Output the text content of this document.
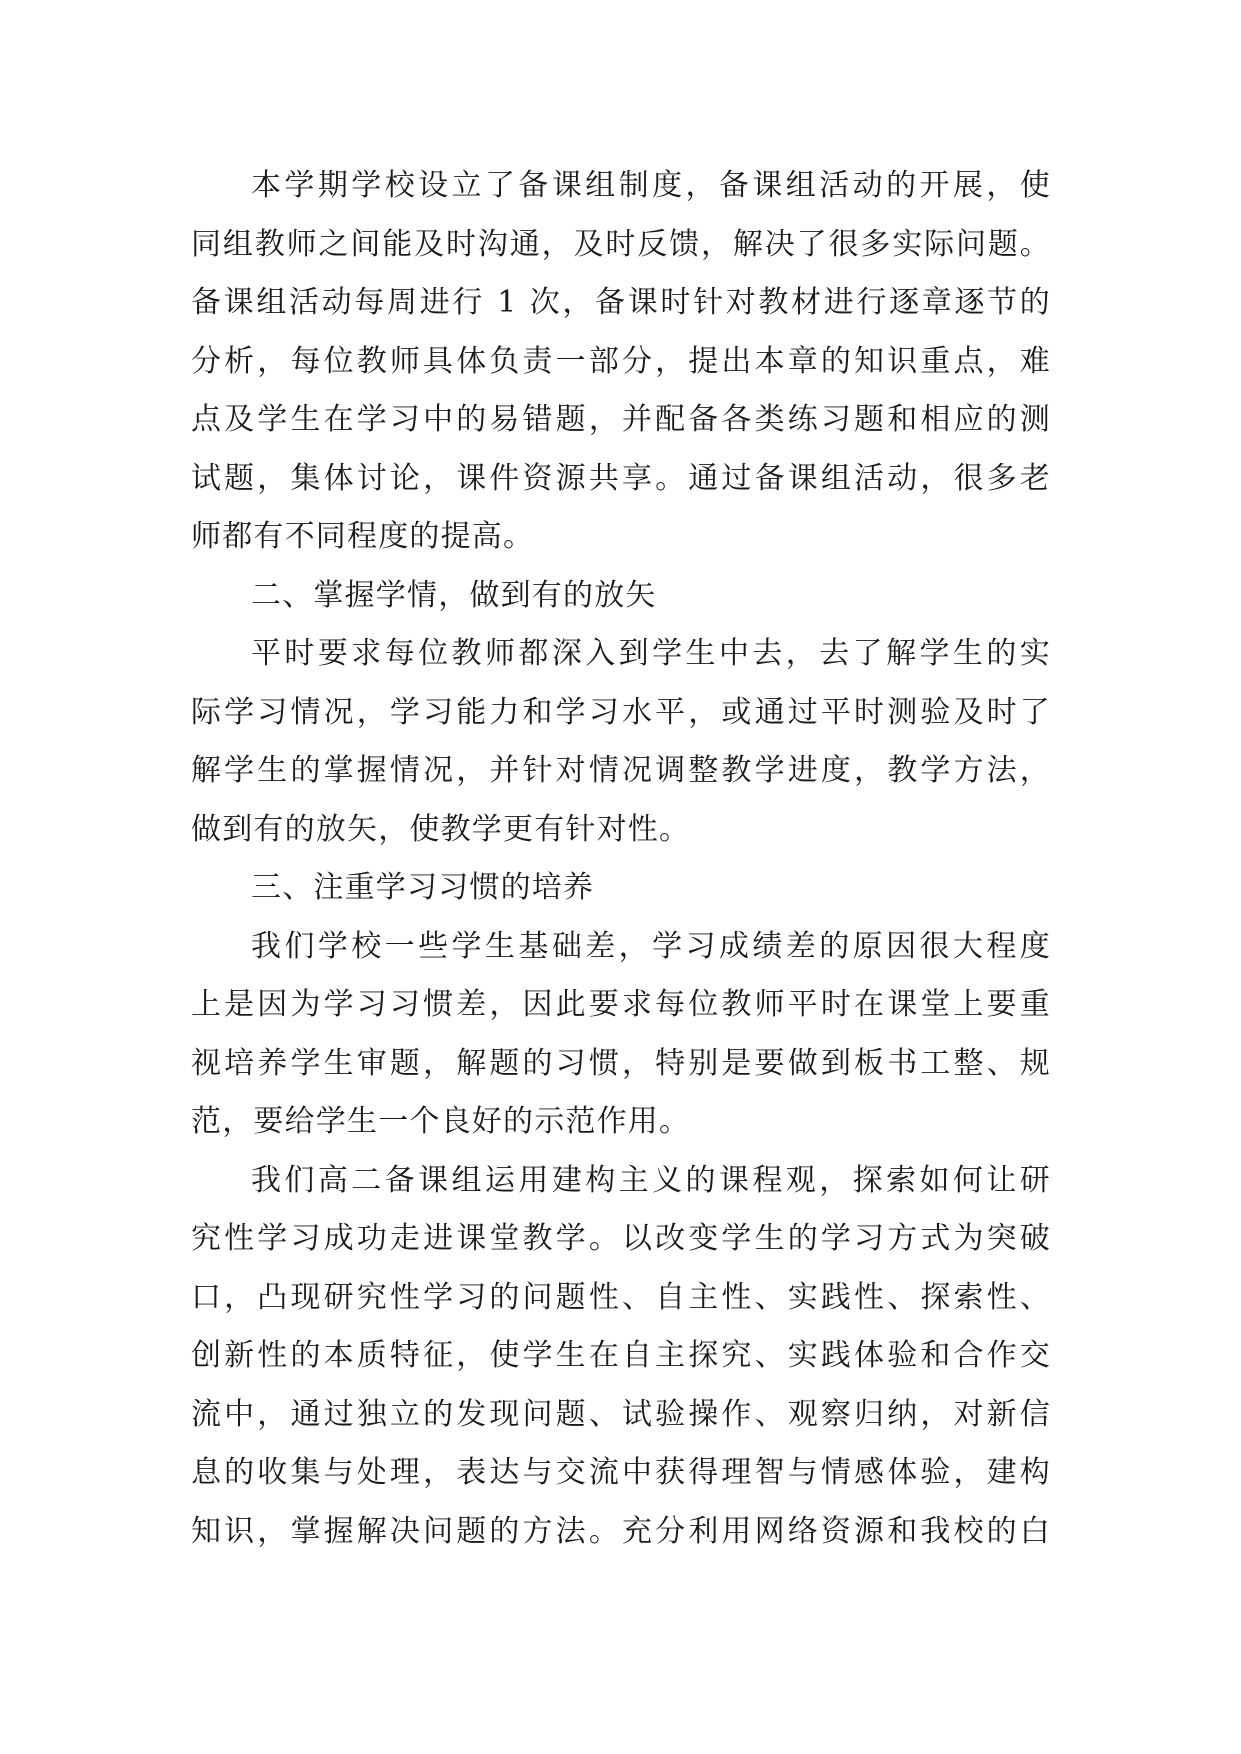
本学期学校设立了备课组制度，备课组活动的开展，使
同组教师之间能及时沟通，及时反馈，解决了很多实际问题。
备课组活动每周进行 1 次，备课时针对教材进行逐章逐节的
分析，每位教师具体负责一部分，提出本章的知识重点，难
点及学生在学习中的易错题，并配备各类练习题和相应的测
试题，集体讨论，课件资源共享。通过备课组活动，很多老
师都有不同程度的提高。
二、掌握学情，做到有的放矢
平时要求每位教师都深入到学生中去，去了解学生的实
际学习情况，学习能力和学习水平，或通过平时测验及时了
解学生的掌握情况，并针对情况调整教学进度，教学方法，
做到有的放矢，使教学更有针对性。
三、注重学习习惯的培养
我们学校一些学生基础差，学习成绩差的原因很大程度
上是因为学习习惯差，因此要求每位教师平时在课堂上要重
视培养学生审题，解题的习惯，特别是要做到板书工整、规
范，要给学生一个良好的示范作用。
我们高二备课组运用建构主义的课程观，探索如何让研
究性学习成功走进课堂教学。以改变学生的学习方式为突破
口，凸现研究性学习的问题性、自主性、实践性、探索性、
创新性的本质特征，使学生在自主探究、实践体验和合作交
流中，通过独立的发现问题、试验操作、观察归纳，对新信
息的收集与处理，表达与交流中获得理智与情感体验，建构
知识，掌握解决问题的方法。充分利用网络资源和我校的白
